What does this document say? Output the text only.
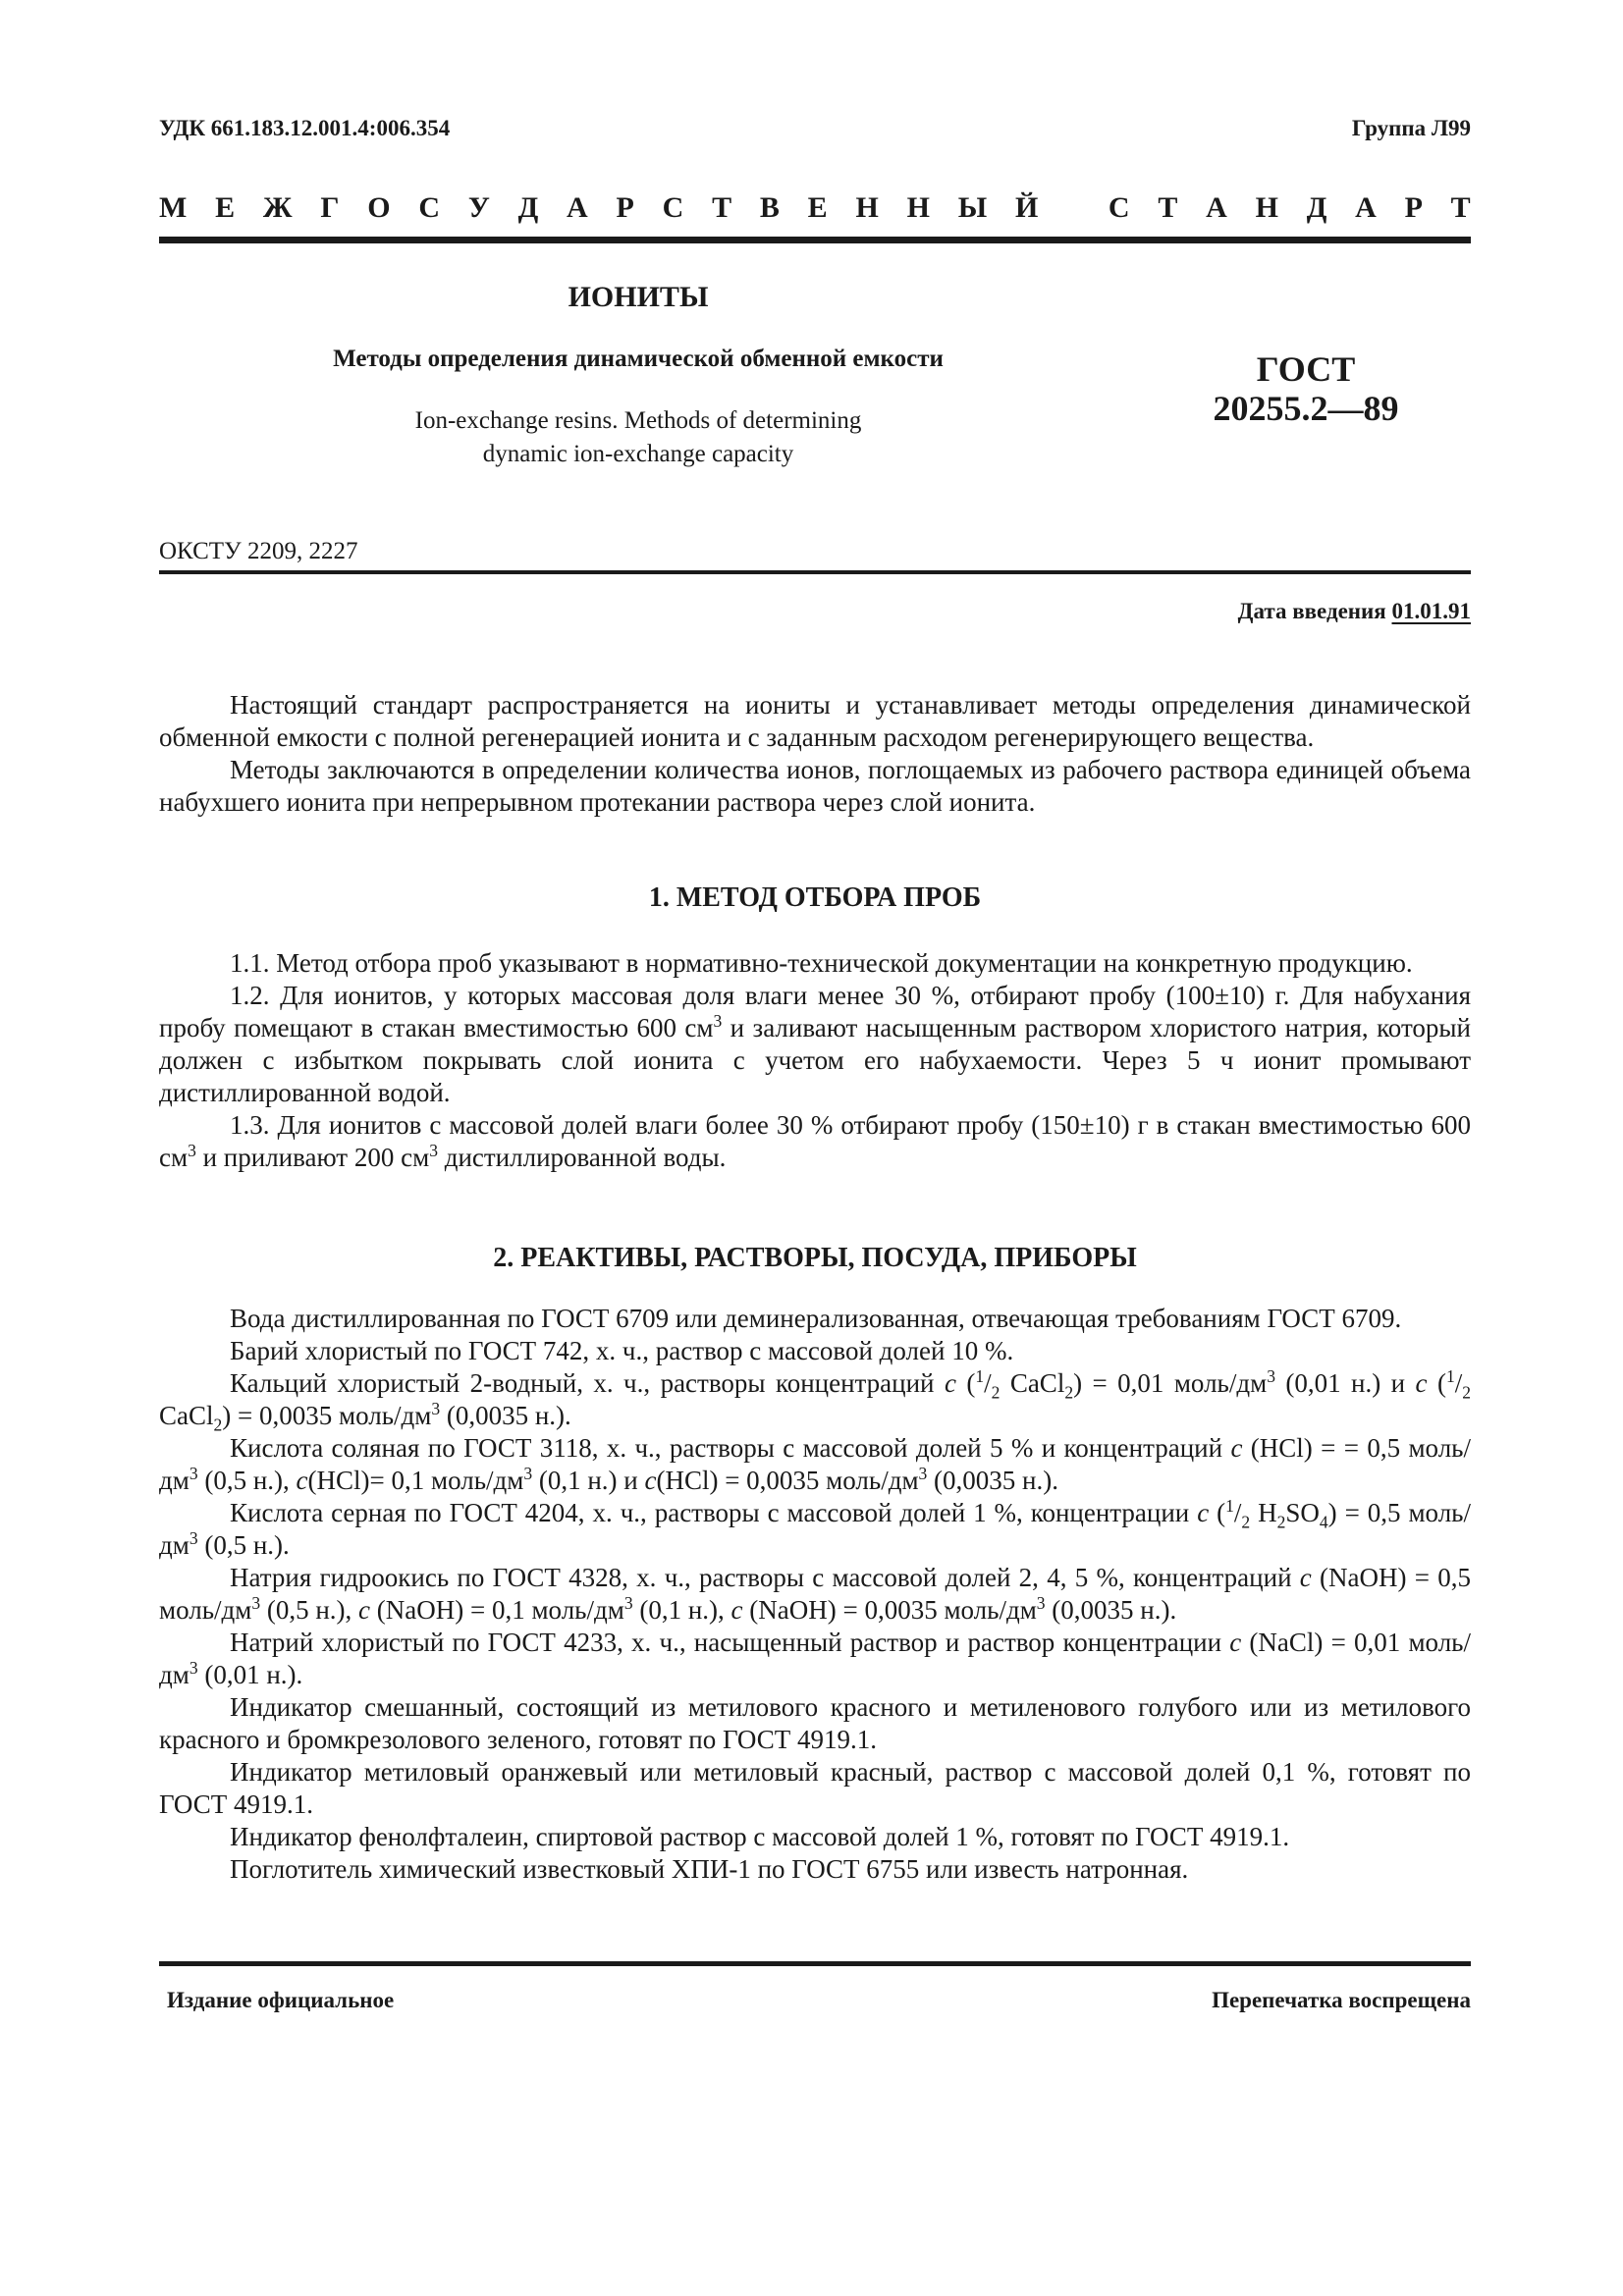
УДК 661.183.12.001.4:006.354	Группа Л99
М Е Ж Г О С У Д А Р С Т В Е Н Н Ы Й С Т А Н Д А Р Т
ИОНИТЫ
Методы определения динамической обменной емкости
Ion-exchange resins. Methods of determining
dynamic ion-exchange capacity
ГОСТ
20255.2—89
ОКСТУ 2209, 2227
Дата введения 01.01.91

Настоящий стандарт распространяется на иониты и устанавливает методы определения динамической обменной емкости с полной регенерацией ионита и с заданным расходом регенерирующего вещества.

Методы заключаются в определении количества ионов, поглощаемых из рабочего раствора единицей объема набухшего ионита при непрерывном протекании раствора через слой ионита.

1. МЕТОД ОТБОРА ПРОБ

1.1. Метод отбора проб указывают в нормативно-технической документации на конкретную продукцию.

1.2. Для ионитов, у которых массовая доля влаги менее 30 %, отбирают пробу (100±10) г. Для набухания пробу помещают в стакан вместимостью 600 $см^3$ и заливают насыщенным раствором хлористого натрия, который должен с избытком покрывать слой ионита с учетом его набухаемости. Через 5 ч ионит промывают дистиллированной водой.

1.3. Для ионитов с массовой долей влаги более 30 % отбирают пробу (150±10) г в стакан вместимостью 600 $см^3$ и приливают 200 $см^3$ дистиллированной воды.

2. РЕАКТИВЫ, РАСТВОРЫ, ПОСУДА, ПРИБОРЫ

Вода дистиллированная по ГОСТ 6709 или деминерализованная, отвечающая требованиям ГОСТ 6709.

Барий хлористый по ГОСТ 742, х. ч., раствор с массовой долей 10 %.

Кальций хлористый 2-водный, х. ч., растворы концентраций c ($^1/_2$ CaCl$_2$) = 0,01 моль/$дм^3$ (0,01 н.) и c ($^1/_2$ CaCl$_2$) = 0,0035 моль/$дм^3$ (0,0035 н.).

Кислота соляная по ГОСТ 3118, х. ч., растворы с массовой долей 5 % и концентраций c (HCl) = = 0,5 моль/$дм^3$ (0,5 н.), c(HCl)= 0,1 моль/$дм^3$ (0,1 н.) и c(HCl) = 0,0035 моль/$дм^3$ (0,0035 н.).

Кислота серная по ГОСТ 4204, х. ч., растворы с массовой долей 1 %, концентрации c ($^1/_2$ $H_2SO_4) = 0,5$ моль/$дм^3$ (0,5 н.).

Натрия гидроокись по ГОСТ 4328, х. ч., растворы с массовой долей 2, 4, 5 %, концентраций c (NaOH) = 0,5 моль/$дм^3$ (0,5 н.), c (NaOH) = 0,1 моль/$дм^3$ (0,1 н.), c (NaOH) = 0,0035 моль/$дм^3$ (0,0035 н.).

Натрий хлористый по ГОСТ 4233, х. ч., насыщенный раствор и раствор концентрации c (NaCl) = 0,01 моль/$дм^3$ (0,01 н.).

Индикатор смешанный, состоящий из метилового красного и метиленового голубого или из метилового красного и бромкрезолового зеленого, готовят по ГОСТ 4919.1.

Индикатор метиловый оранжевый или метиловый красный, раствор с массовой долей 0,1 %, готовят по ГОСТ 4919.1.

Индикатор фенолфталеин, спиртовой раствор с массовой долей 1 %, готовят по ГОСТ 4919.1.

Поглотитель химический известковый ХПИ-1 по ГОСТ 6755 или известь натронная.

Издание официальное	Перепечатка воспрещена
